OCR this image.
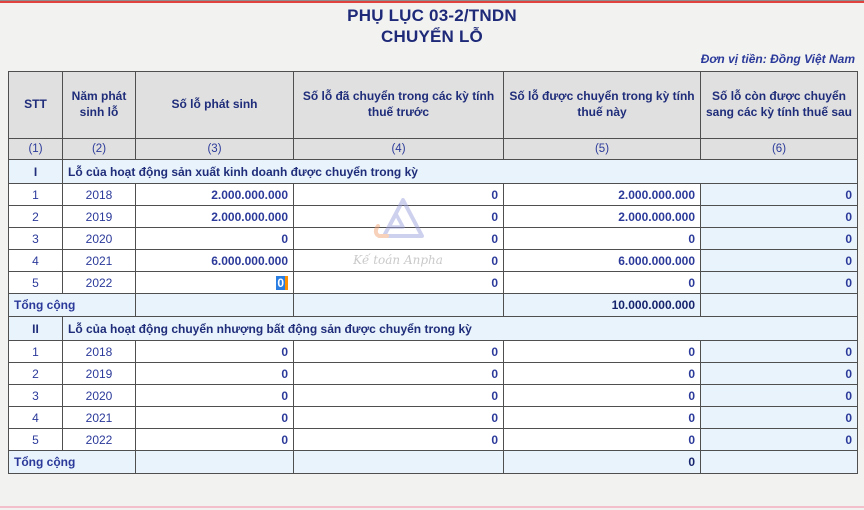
PHỤ LỤC 03-2/TNDN
CHUYỂN LỖ
Đơn vị tiền: Đồng Việt Nam
STT	Năm phát sinh lỗ	Số lỗ phát sinh	Số lỗ đã chuyển trong các kỳ tính thuế trước	Số lỗ được chuyển trong kỳ tính thuế này	Số lỗ còn được chuyển sang các kỳ tính thuế sau
(1)	(2)	(3)	(4)	(5)	(6)
I	Lỗ của hoạt động sản xuất kinh doanh được chuyển trong kỳ				
1	2018	2.000.000.000	0	2.000.000.000	0
2	2019	2.000.000.000	0	2.000.000.000	0
3	2020	0	0	0	0
4	2021	6.000.000.000	0	6.000.000.000	0
5	2022	0	0	0	0
Tổng cộng				10.000.000.000	
II	Lỗ của hoạt động chuyển nhượng bất động sản được chuyển trong kỳ				
1	2018	0	0	0	0
2	2019	0	0	0	0
3	2020	0	0	0	0
4	2021	0	0	0	0
5	2022	0	0	0	0
Tổng cộng				0	
Kế toán Anpha
